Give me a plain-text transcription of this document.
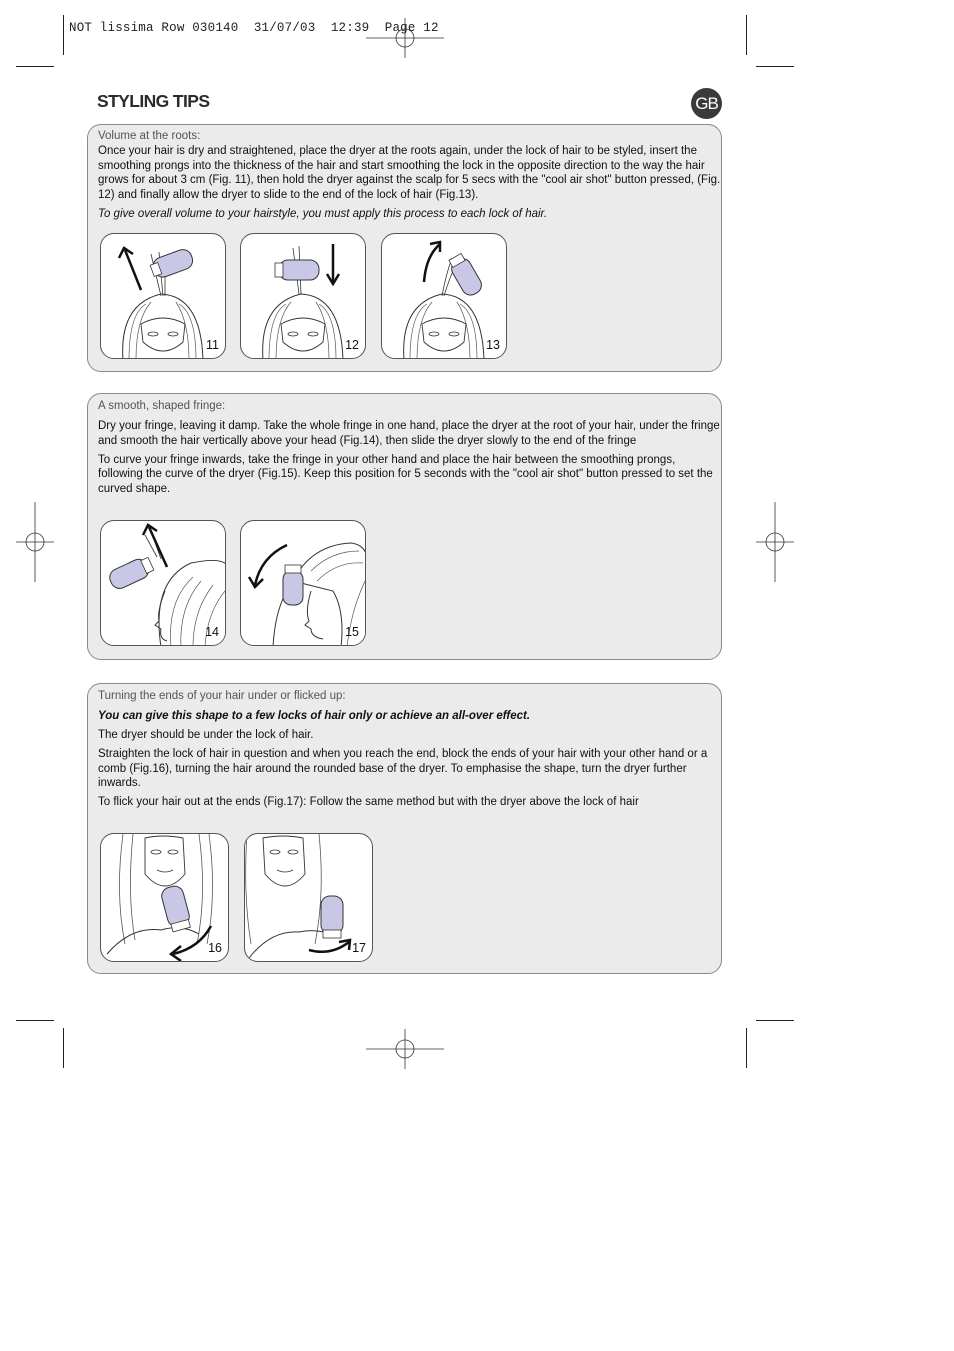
NOT lissima Row 030140  31/07/03  12:39  Page 12
STYLING TIPS	GB
Volume at the roots:

Once your hair is dry and straightened, place the dryer at the roots again, under the lock of hair to be styled, insert the smoothing prongs into the thickness of the hair and start smoothing the lock in the opposite direction to the way the hair grows for about 3 cm (Fig. 11), then hold the dryer against the scalp for 5 secs with the "cool air shot" button pressed, (Fig. 12) and finally allow the dryer to slide to the end of the lock of hair (Fig.13).

To give overall volume to your hairstyle, you must apply this process to each lock of hair.

11	12	13
A smooth, shaped fringe:

Dry your fringe, leaving it damp. Take the whole fringe in one hand, place the dryer at the root of your hair, under the fringe and smooth the hair vertically above your head (Fig.14), then slide the dryer slowly to the end of the fringe

To curve your fringe inwards, take the fringe in your other hand and place the hair between the smoothing prongs, following the curve of the dryer (Fig.15). Keep this position for 5 seconds with the "cool air shot" button pressed to set the curved shape.

14	15
Turning the ends of your hair under or flicked up:

You can give this shape to a few locks of hair only or achieve an all-over effect.

The dryer should be under the lock of hair.

Straighten the lock of hair in question and when you reach the end, block the ends of your hair with your other hand or a comb (Fig.16), turning the hair around the rounded base of the dryer. To emphasise the shape, turn the dryer further inwards.

To flick your hair out at the ends (Fig.17): Follow the same method but with the dryer above the lock of hair

16	17
